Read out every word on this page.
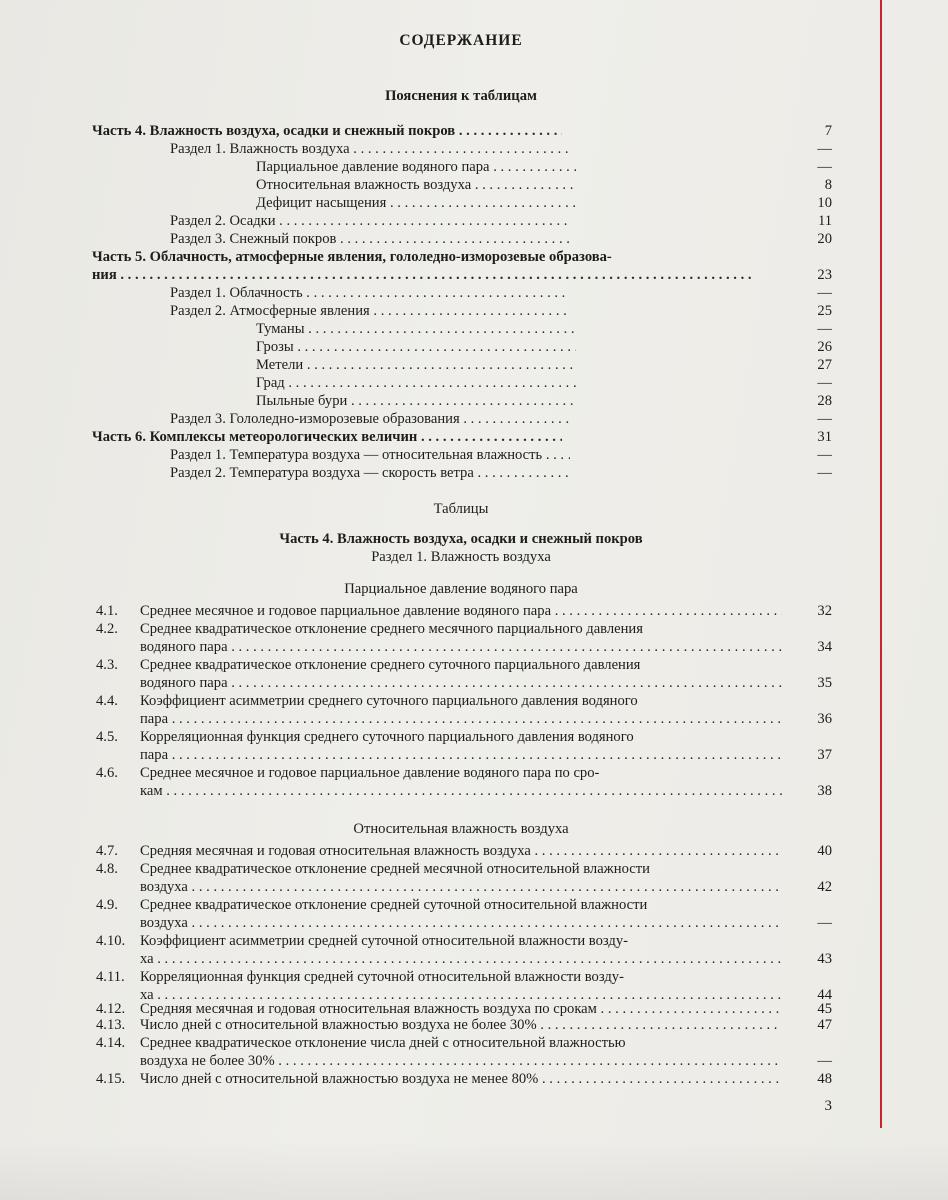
СОДЕРЖАНИЕ
Пояснения к таблицам
Часть 4. Влажность воздуха, осадки и снежный покров . . .	7
Раздел 1. Влажность воздуха . . .	—
Парциальное давление водяного пара . . .	—
Относительная влажность воздуха . . .	8
Дефицит насыщения . . .	10
Раздел 2. Осадки . . .	11
Раздел 3. Снежный покров . . .	20
Часть 5. Облачность, атмосферные явления, гололедно-изморозевые образова-
ния . . .	23
Раздел 1. Облачность . . .	—
Раздел 2. Атмосферные явления . . .	25
Туманы . . .	—
Грозы . . .	26
Метели . . .	27
Град . . .	—
Пыльные бури . . .	28
Раздел 3. Гололедно-изморозевые образования . . .	—
Часть 6. Комплексы метеорологических величин . . .	31
Раздел 1. Температура воздуха — относительная влажность . . .	—
Раздел 2. Температура воздуха — скорость ветра . . .	—
Таблицы
Часть 4. Влажность воздуха, осадки и снежный покров
Раздел 1. Влажность воздуха
Парциальное давление водяного пара
4.1. Среднее месячное и годовое парциальное давление водяного пара . . .	32
4.2. Среднее квадратическое отклонение среднего месячного парциального давления
водяного пара . . .	34
4.3. Среднее квадратическое отклонение среднего суточного парциального давления
водяного пара . . .	35
4.4. Коэффициент асимметрии среднего суточного парциального давления водяного
пара . . .	36
4.5. Корреляционная функция среднего суточного парциального давления водяного
пара . . .	37
4.6. Среднее месячное и годовое парциальное давление водяного пара по сро-
кам . . .	38
Относительная влажность воздуха
4.7. Средняя месячная и годовая относительная влажность воздуха . . .	40
4.8. Среднее квадратическое отклонение средней месячной относительной влажности
воздуха . . .	42
4.9. Среднее квадратическое отклонение средней суточной относительной влажности
воздуха . . .	—
4.10. Коэффициент асимметрии средней суточной относительной влажности возду-
ха . . .	43
4.11. Корреляционная функция средней суточной относительной влажности возду-
ха . . .	44
4.12. Средняя месячная и годовая относительная влажность воздуха по срокам . . .	45
4.13. Число дней с относительной влажностью воздуха не более 30% . . .	47
4.14. Среднее квадратическое отклонение числа дней с относительной влажностью
воздуха не более 30% . . .	—
4.15. Число дней с относительной влажностью воздуха не менее 80% . . .	48
3
